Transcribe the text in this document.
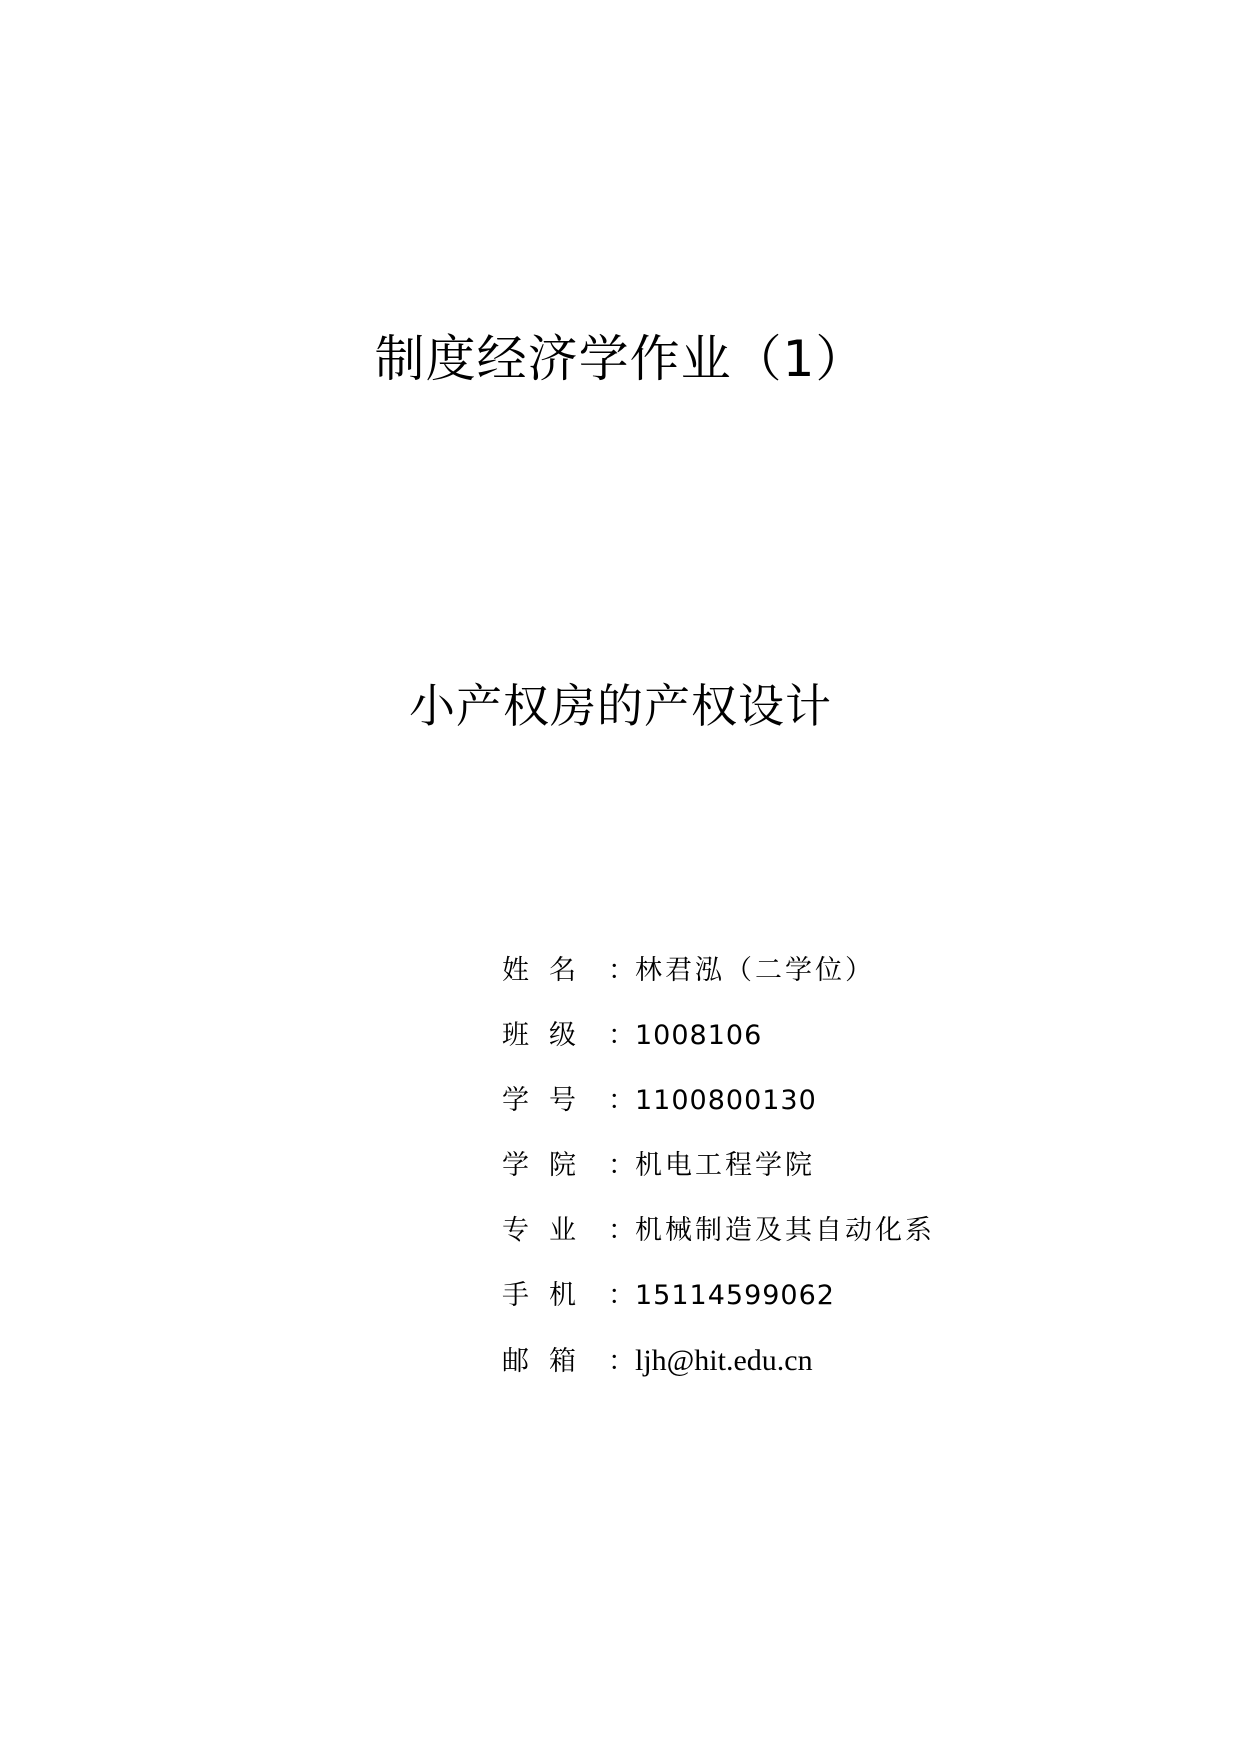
制度经济学作业（1）
小产权房的产权设计
姓 名 ：林君泓（二学位）
班 级 ：1008106
学 号 ：1100800130
学 院 ：机电工程学院
专 业 ：机械制造及其自动化系
手 机 ：15114599062
邮 箱 ：ljh@hit.edu.cn
